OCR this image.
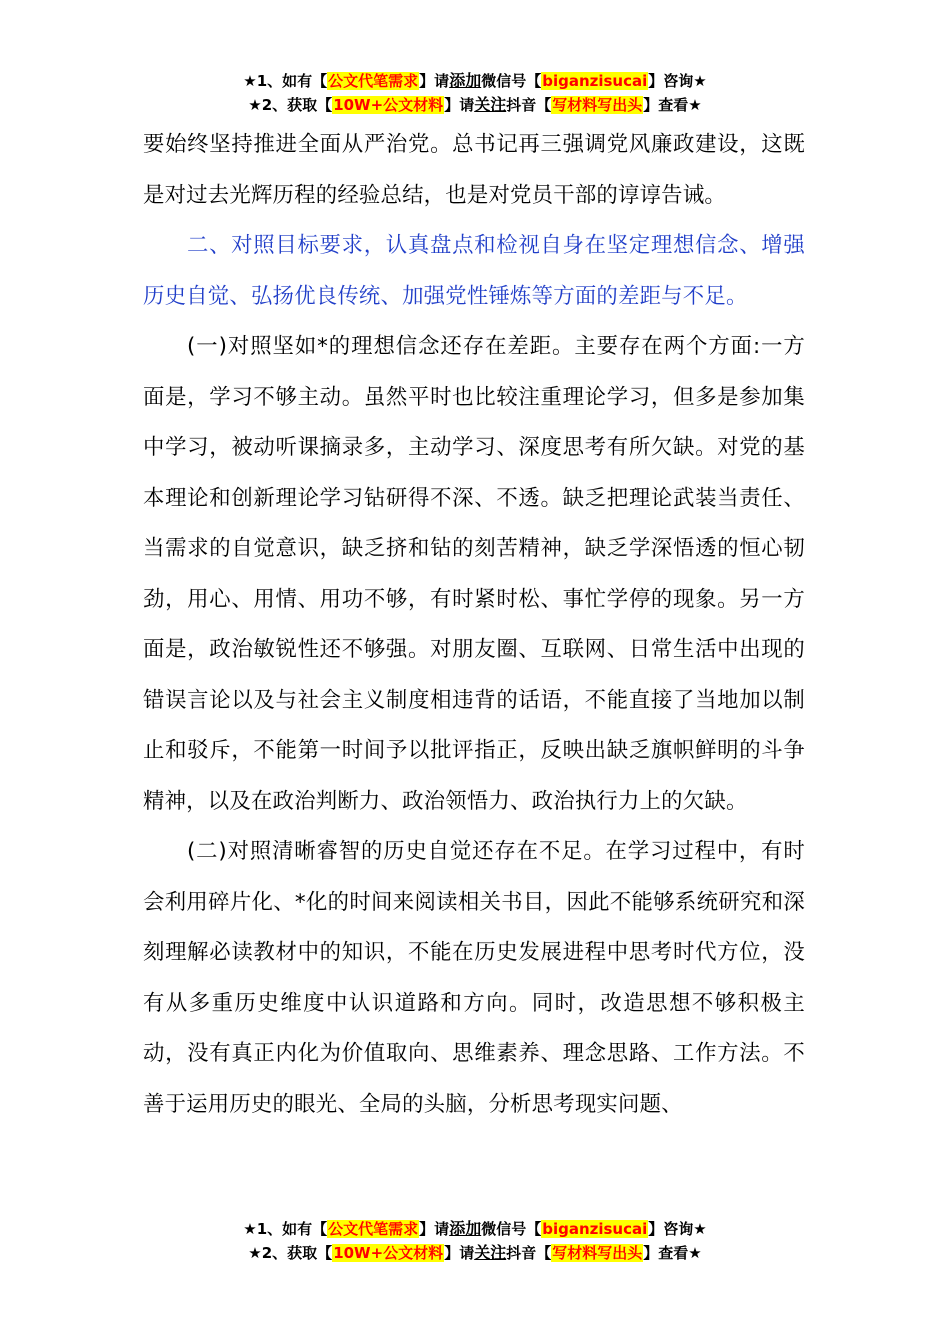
★1、如有【公文代笔需求】请添加微信号【biganzisucai】咨询★
★2、获取【10W+公文材料】请关注抖音【写材料写出头】查看★

要始终坚持推进全面从严治党。总书记再三强调党风廉政建设，这既是对过去光辉历程的经验总结，也是对党员干部的谆谆告诫。

二、对照目标要求，认真盘点和检视自身在坚定理想信念、增强历史自觉、弘扬优良传统、加强党性锤炼等方面的差距与不足。

(一)对照坚如*的理想信念还存在差距。主要存在两个方面:一方面是，学习不够主动。虽然平时也比较注重理论学习，但多是参加集中学习，被动听课摘录多，主动学习、深度思考有所欠缺。对党的基本理论和创新理论学习钻研得不深、不透。缺乏把理论武装当责任、当需求的自觉意识，缺乏挤和钻的刻苦精神，缺乏学深悟透的恒心韧劲，用心、用情、用功不够，有时紧时松、事忙学停的现象。另一方面是，政治敏锐性还不够强。对朋友圈、互联网、日常生活中出现的错误言论以及与社会主义制度相违背的话语，不能直接了当地加以制止和驳斥，不能第一时间予以批评指正，反映出缺乏旗帜鲜明的斗争精神，以及在政治判断力、政治领悟力、政治执行力上的欠缺。

(二)对照清晰睿智的历史自觉还存在不足。在学习过程中，有时会利用碎片化、*化的时间来阅读相关书目，因此不能够系统研究和深刻理解必读教材中的知识，不能在历史发展进程中思考时代方位，没有从多重历史维度中认识道路和方向。同时，改造思想不够积极主动，没有真正内化为价值取向、思维素养、理念思路、工作方法。不善于运用历史的眼光、全局的头脑，分析思考现实问题、

★1、如有【公文代笔需求】请添加微信号【biganzisucai】咨询★
★2、获取【10W+公文材料】请关注抖音【写材料写出头】查看★
